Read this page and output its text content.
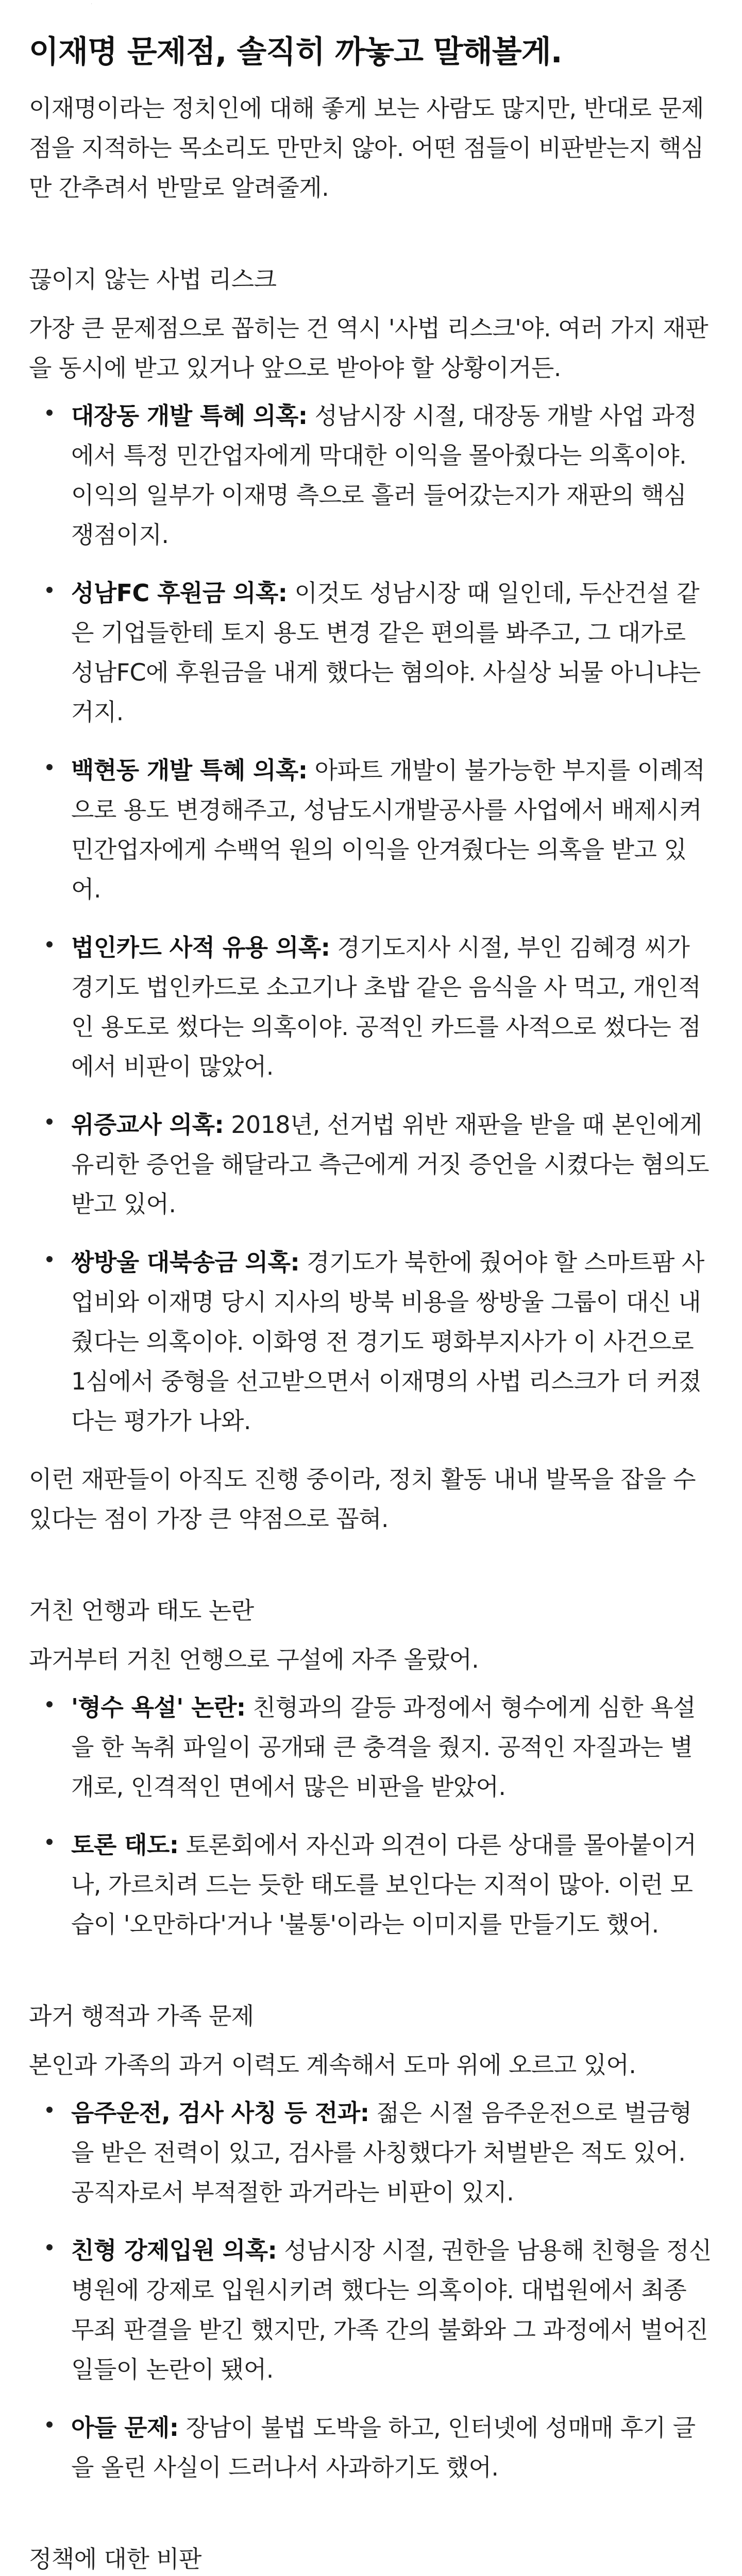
·
이재명 문제점, 솔직히 까놓고 말해볼게.

이재명이라는 정치인에 대해 좋게 보는 사람도 많지만, 반대로 문제점을 지적하는 목소리도 만만치 않아. 어떤 점들이 비판받는지 핵심만 간추려서 반말로 알려줄게.

끊이지 않는 사법 리스크

가장 큰 문제점으로 꼽히는 건 역시 '사법 리스크'야. 여러 가지 재판을 동시에 받고 있거나 앞으로 받아야 할 상황이거든.

대장동 개발 특혜 의혹: 성남시장 시절, 대장동 개발 사업 과정에서 특정 민간업자에게 막대한 이익을 몰아줬다는 의혹이야. 이익의 일부가 이재명 측으로 흘러 들어갔는지가 재판의 핵심 쟁점이지.

성남FC 후원금 의혹: 이것도 성남시장 때 일인데, 두산건설 같은 기업들한테 토지 용도 변경 같은 편의를 봐주고, 그 대가로 성남FC에 후원금을 내게 했다는 혐의야. 사실상 뇌물 아니냐는 거지.

백현동 개발 특혜 의혹: 아파트 개발이 불가능한 부지를 이례적으로 용도 변경해주고, 성남도시개발공사를 사업에서 배제시켜 민간업자에게 수백억 원의 이익을 안겨줬다는 의혹을 받고 있어.

법인카드 사적 유용 의혹: 경기도지사 시절, 부인 김혜경 씨가 경기도 법인카드로 소고기나 초밥 같은 음식을 사 먹고, 개인적인 용도로 썼다는 의혹이야. 공적인 카드를 사적으로 썼다는 점에서 비판이 많았어.

위증교사 의혹: 2018년, 선거법 위반 재판을 받을 때 본인에게 유리한 증언을 해달라고 측근에게 거짓 증언을 시켰다는 혐의도 받고 있어.

쌍방울 대북송금 의혹: 경기도가 북한에 줬어야 할 스마트팜 사업비와 이재명 당시 지사의 방북 비용을 쌍방울 그룹이 대신 내줬다는 의혹이야. 이화영 전 경기도 평화부지사가 이 사건으로 1심에서 중형을 선고받으면서 이재명의 사법 리스크가 더 커졌다는 평가가 나와.

이런 재판들이 아직도 진행 중이라, 정치 활동 내내 발목을 잡을 수 있다는 점이 가장 큰 약점으로 꼽혀.

거친 언행과 태도 논란

과거부터 거친 언행으로 구설에 자주 올랐어.

'형수 욕설' 논란: 친형과의 갈등 과정에서 형수에게 심한 욕설을 한 녹취 파일이 공개돼 큰 충격을 줬지. 공적인 자질과는 별개로, 인격적인 면에서 많은 비판을 받았어.

토론 태도: 토론회에서 자신과 의견이 다른 상대를 몰아붙이거나, 가르치려 드는 듯한 태도를 보인다는 지적이 많아. 이런 모습이 '오만하다'거나 '불통'이라는 이미지를 만들기도 했어.

과거 행적과 가족 문제

본인과 가족의 과거 이력도 계속해서 도마 위에 오르고 있어.

음주운전, 검사 사칭 등 전과: 젊은 시절 음주운전으로 벌금형을 받은 전력이 있고, 검사를 사칭했다가 처벌받은 적도 있어. 공직자로서 부적절한 과거라는 비판이 있지.

친형 강제입원 의혹: 성남시장 시절, 권한을 남용해 친형을 정신병원에 강제로 입원시키려 했다는 의혹이야. 대법원에서 최종 무죄 판결을 받긴 했지만, 가족 간의 불화와 그 과정에서 벌어진 일들이 논란이 됐어.

아들 문제: 장남이 불법 도박을 하고, 인터넷에 성매매 후기 글을 올린 사실이 드러나서 사과하기도 했어.

정책에 대한 비판
